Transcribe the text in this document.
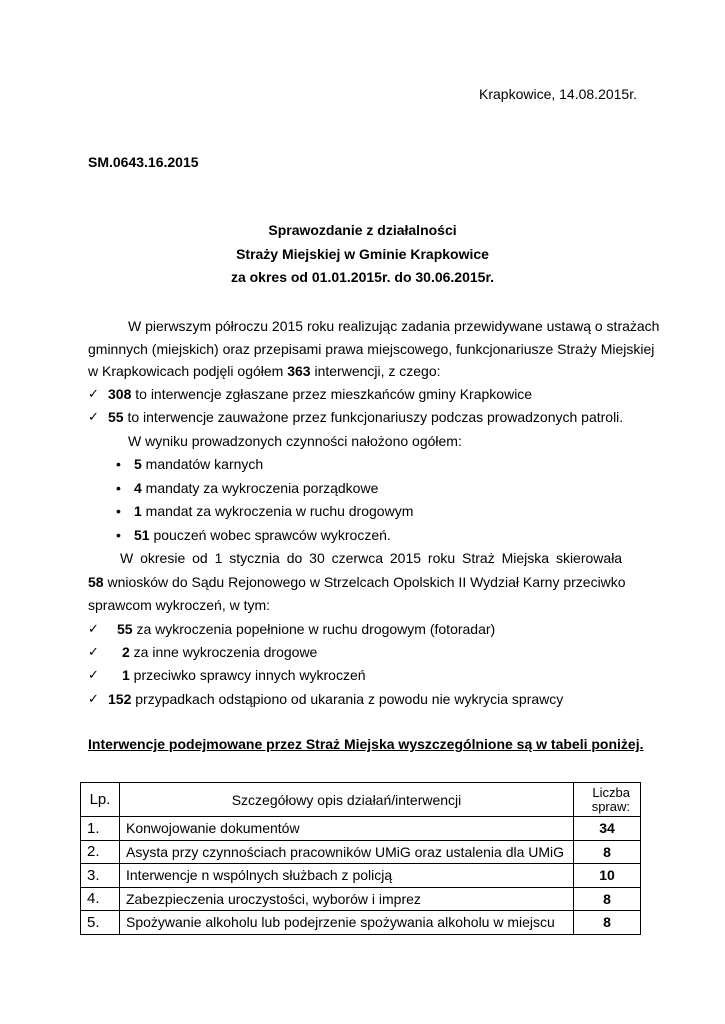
Krapkowice, 14.08.2015r.
SM.0643.16.2015
Sprawozdanie z działalności
Straży Miejskiej w Gminie Krapkowice
za okres od 01.01.2015r. do 30.06.2015r.
W pierwszym półroczu 2015 roku realizując zadania przewidywane ustawą o strażach
gminnych (miejskich) oraz przepisami prawa miejscowego, funkcjonariusze Straży Miejskiej
w Krapkowicach podjęli ogółem 363 interwencji, z czego:
✓ 308 to interwencje zgłaszane przez mieszkańców gminy Krapkowice
✓ 55 to interwencje zauważone przez funkcjonariuszy podczas prowadzonych patroli.
W wyniku prowadzonych czynności nałożono ogółem:
• 5 mandatów karnych
• 4 mandaty za wykroczenia porządkowe
• 1 mandat za wykroczenia w ruchu drogowym
• 51 pouczeń wobec sprawców wykroczeń.
W okresie od 1 stycznia do 30 czerwca 2015 roku Straż Miejska skierowała
58 wniosków do Sądu Rejonowego w Strzelcach Opolskich II Wydział Karny przeciwko
sprawcom wykroczeń, w tym:
✓ 55 za wykroczenia popełnione w ruchu drogowym (fotoradar)
✓ 2 za inne wykroczenia drogowe
✓ 1 przeciwko sprawcy innych wykroczeń
✓ 152 przypadkach odstąpiono od ukarania z powodu nie wykrycia sprawcy
Interwencje podejmowane przez Straż Miejska wyszczególnione są w tabeli poniżej.
Lp.	Szczegółowy opis działań/interwencji	Liczba
spraw:
1.	Konwojowanie dokumentów	34
2.	Asysta przy czynnościach pracowników UMiG oraz ustalenia dla UMiG	8
3.	Interwencje n wspólnych służbach z policją	10
4.	Zabezpieczenia uroczystości, wyborów i imprez	8
5.	Spożywanie alkoholu lub podejrzenie spożywania alkoholu w miejscu	8
